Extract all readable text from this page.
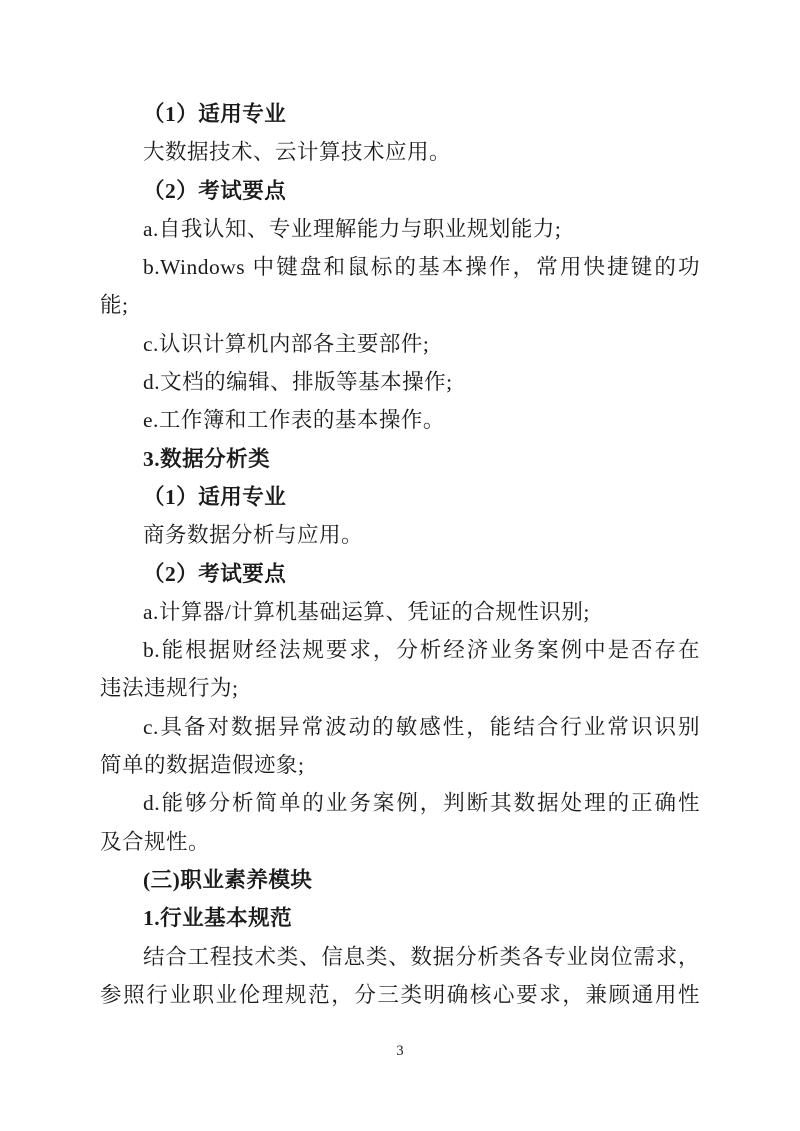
（1）适用专业
大数据技术、云计算技术应用。
（2）考试要点
a.自我认知、专业理解能力与职业规划能力;
b.Windows 中键盘和鼠标的基本操作，常用快捷键的功
能;
c.认识计算机内部各主要部件;
d.文档的编辑、排版等基本操作;
e.工作簿和工作表的基本操作。
3.数据分析类
（1）适用专业
商务数据分析与应用。
（2）考试要点
a.计算器/计算机基础运算、凭证的合规性识别;
b.能根据财经法规要求，分析经济业务案例中是否存在
违法违规行为;
c.具备对数据异常波动的敏感性，能结合行业常识识别
简单的数据造假迹象;
d.能够分析简单的业务案例，判断其数据处理的正确性
及合规性。
(三)职业素养模块
1.行业基本规范
结合工程技术类、信息类、数据分析类各专业岗位需求，
参照行业职业伦理规范，分三类明确核心要求，兼顾通用性
3
